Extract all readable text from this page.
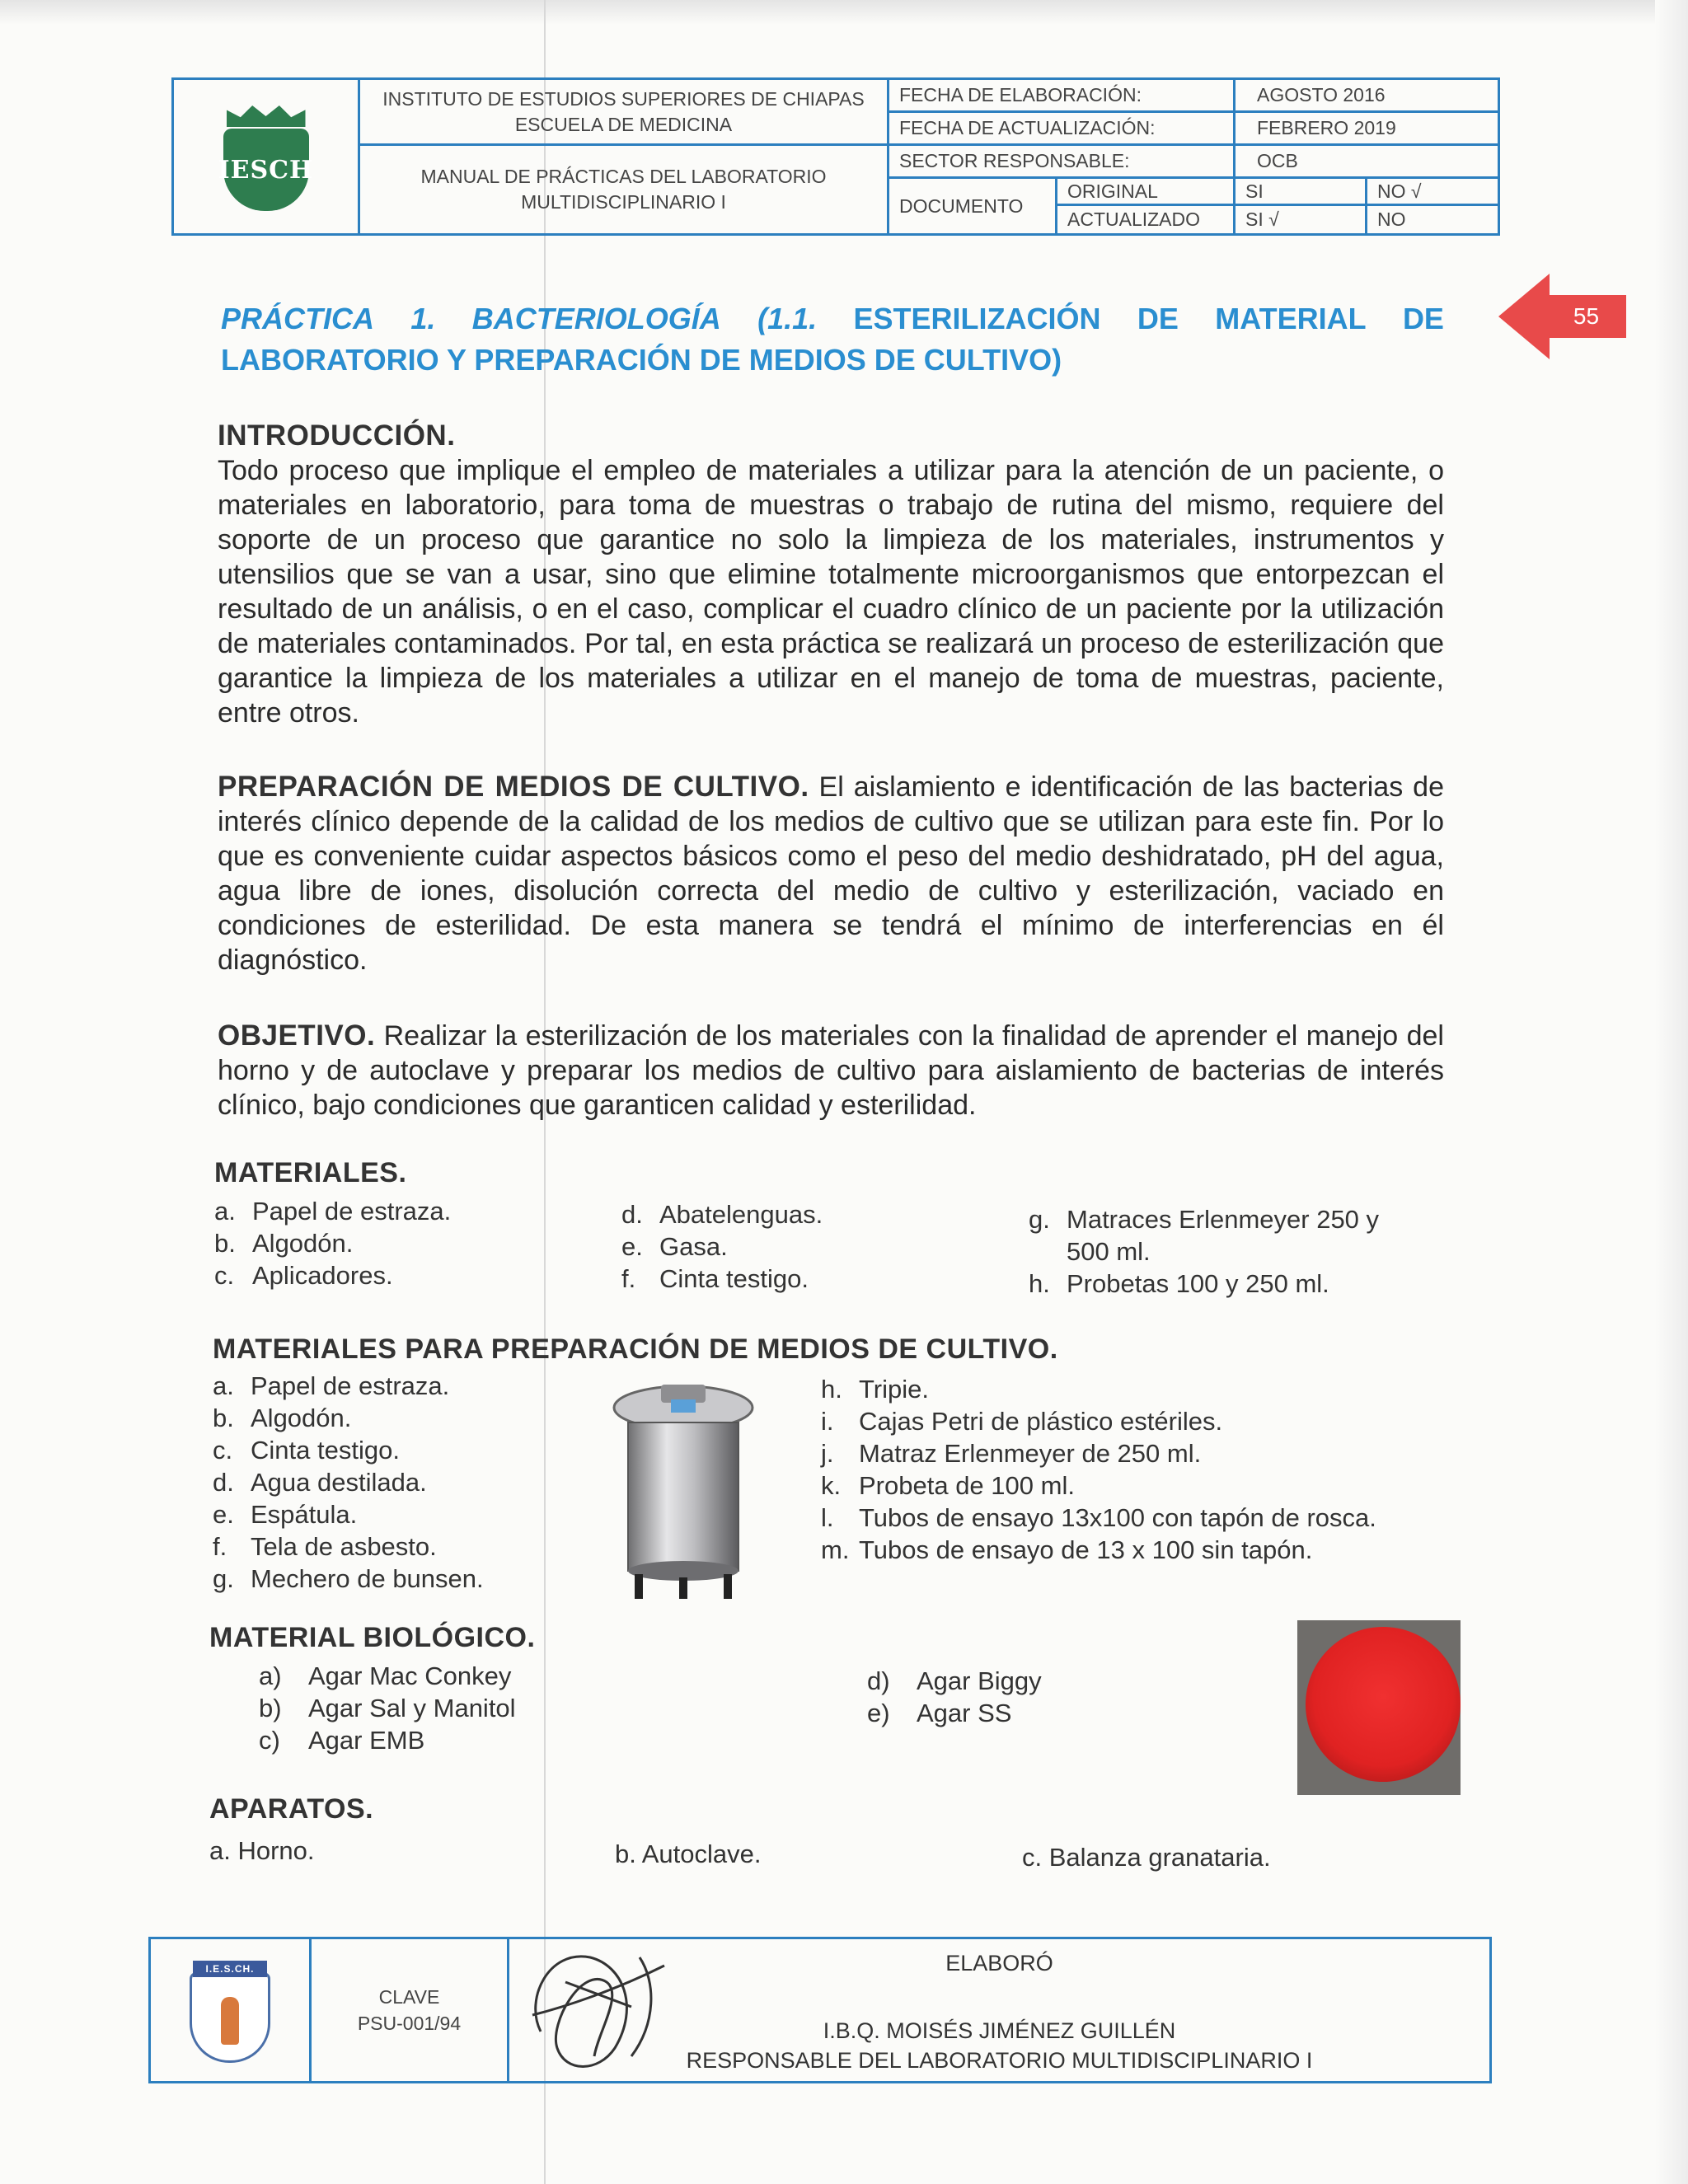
IESCH
INSTITUTO DE ESTUDIOS SUPERIORES DE CHIAPAS
ESCUELA DE MEDICINA
MANUAL DE PRÁCTICAS DEL LABORATORIO
MULTIDISCIPLINARIO I
FECHA DE ELABORACIÓN:	AGOSTO 2016
FECHA DE ACTUALIZACIÓN:	FEBRERO 2019
SECTOR RESPONSABLE:	OCB
DOCUMENTO
ORIGINAL	SI	NO √
ACTUALIZADO	SI √	NO
55
PRÁCTICA 1. BACTERIOLOGÍA (1.1. ESTERILIZACIÓN DE MATERIAL DE
LABORATORIO Y PREPARACIÓN DE MEDIOS DE CULTIVO)
INTRODUCCIÓN.
Todo proceso que implique el empleo de materiales a utilizar para la atención de un paciente, o materiales en laboratorio, para toma de muestras o trabajo de rutina del mismo, requiere del soporte de un proceso que garantice no solo la limpieza de los materiales, instrumentos y utensilios que se van a usar, sino que elimine totalmente microorganismos que entorpezcan el resultado de un análisis, o en el caso, complicar el cuadro clínico de un paciente por la utilización de materiales contaminados. Por tal, en esta práctica se realizará un proceso de esterilización que garantice la limpieza de los materiales a utilizar en el manejo de toma de muestras, paciente, entre otros.
PREPARACIÓN DE MEDIOS DE CULTIVO. El aislamiento e identificación de las bacterias de interés clínico depende de la calidad de los medios de cultivo que se utilizan para este fin. Por lo que es conveniente cuidar aspectos básicos como el peso del medio deshidratado, pH del agua, agua libre de iones, disolución correcta del medio de cultivo y esterilización, vaciado en condiciones de esterilidad. De esta manera se tendrá el mínimo de interferencias en él diagnóstico.
OBJETIVO. Realizar la esterilización de los materiales con la finalidad de aprender el manejo del horno y de autoclave y preparar los medios de cultivo para aislamiento de bacterias de interés clínico, bajo condiciones que garanticen calidad y esterilidad.
MATERIALES.
a. Papel de estraza.
b. Algodón.
c. Aplicadores.
d. Abatelenguas.
e. Gasa.
f. Cinta testigo.
g. Matraces Erlenmeyer 250 y
500 ml.
h. Probetas 100 y 250 ml.
MATERIALES PARA PREPARACIÓN DE MEDIOS DE CULTIVO.
a. Papel de estraza.
b. Algodón.
c. Cinta testigo.
d. Agua destilada.
e. Espátula.
f. Tela de asbesto.
g. Mechero de bunsen.
h. Tripie.
i. Cajas Petri de plástico estériles.
j. Matraz Erlenmeyer de 250 ml.
k. Probeta de 100 ml.
l. Tubos de ensayo 13x100 con tapón de rosca.
m. Tubos de ensayo de 13 x 100 sin tapón.
MATERIAL BIOLÓGICO.
a)	Agar Mac Conkey
b)	Agar Sal y Manitol
c)	Agar EMB
d)	Agar Biggy
e)	Agar SS
APARATOS.
a. Horno.	b. Autoclave.	c. Balanza granataria.
I.E.S.CH.
CLAVE
PSU-001/94
ELABORÓ
I.B.Q. MOISÉS JIMÉNEZ GUILLÉN
RESPONSABLE DEL LABORATORIO MULTIDISCIPLINARIO I
